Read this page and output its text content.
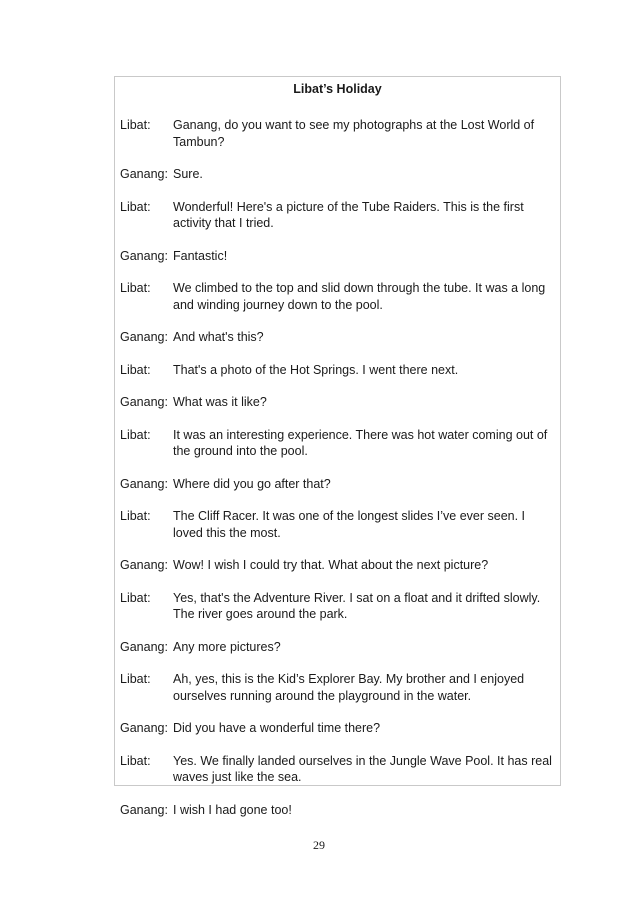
Libat’s Holiday
Libat:	Ganang, do you want to see my photographs at the Lost World of Tambun?
Ganang: Sure.
Libat:	Wonderful! Here's a picture of the Tube Raiders. This is the first activity that I tried.
Ganang: Fantastic!
Libat:	We climbed to the top and slid down through the tube. It was a long and winding journey down to the pool.
Ganang: And what's this?
Libat:	That's a photo of the Hot Springs. I went there next.
Ganang: What was it like?
Libat:	It was an interesting experience. There was hot water coming out of the ground into the pool.
Ganang: Where did you go after that?
Libat:	The Cliff Racer. It was one of the longest slides I’ve ever seen. I loved this the most.
Ganang: Wow! I wish I could try that. What about the next picture?
Libat:	Yes, that's the Adventure River. I sat on a float and it drifted slowly. The river goes around the park.
Ganang: Any more pictures?
Libat:	Ah, yes, this is the Kid’s Explorer Bay. My brother and I enjoyed ourselves running around the playground in the water.
Ganang: Did you have a wonderful time there?
Libat:	Yes. We finally landed ourselves in the Jungle Wave Pool. It has real waves just like the sea.
Ganang: I wish I had gone too!
29
